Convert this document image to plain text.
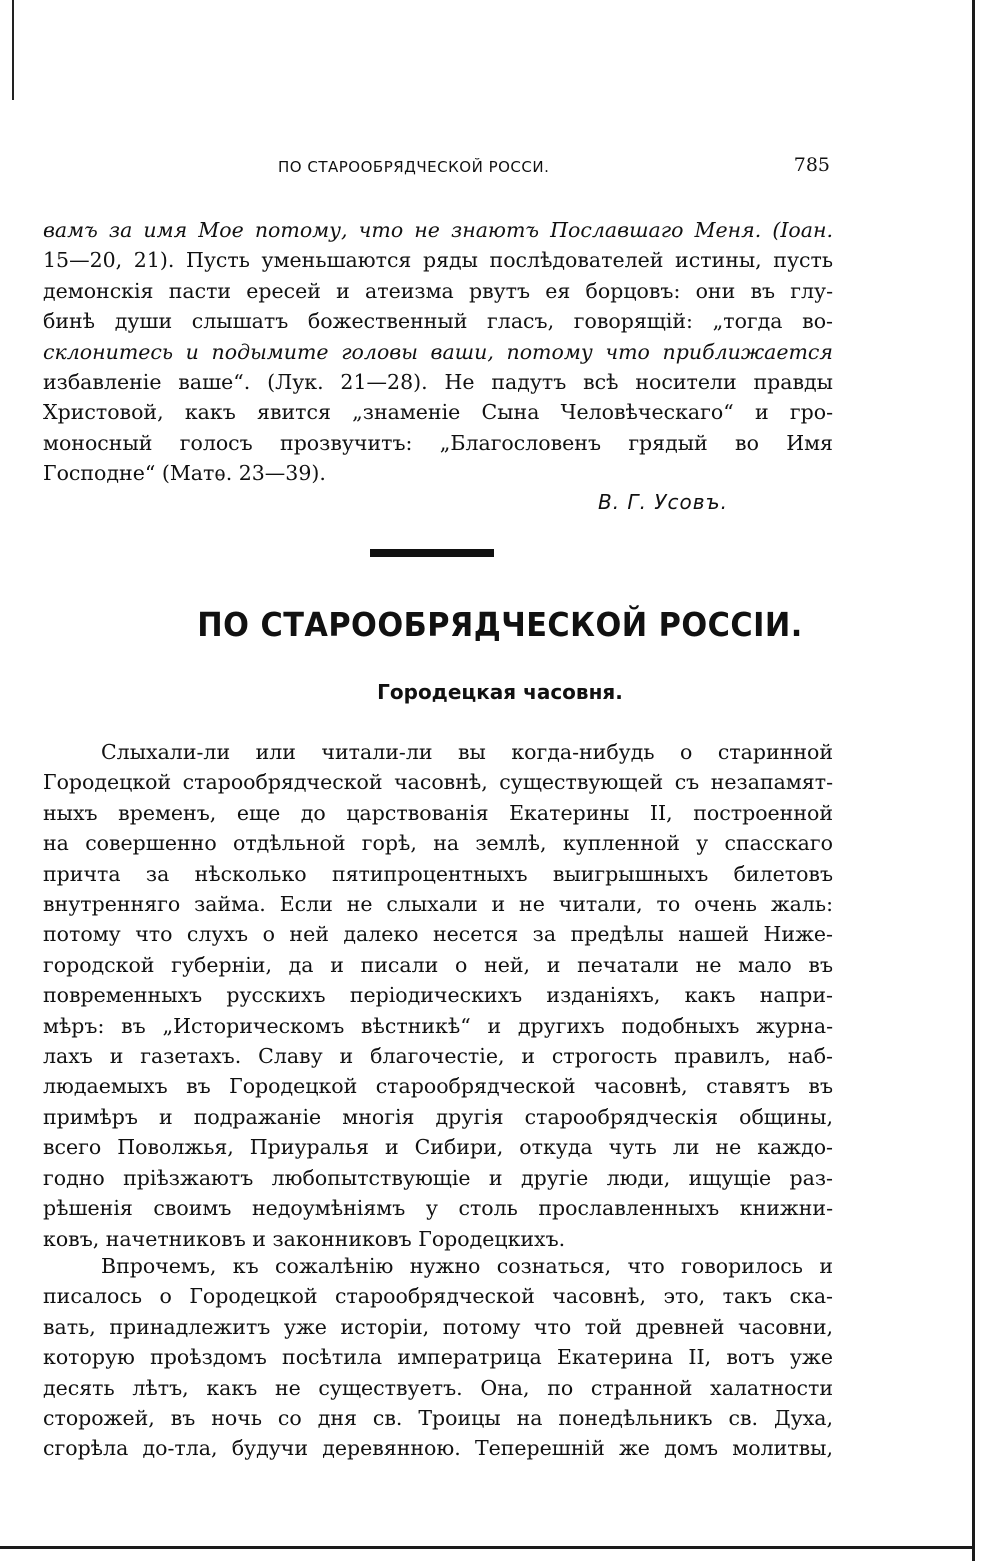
ПО СТАРООБРЯДЧЕСКОЙ РОССИ.	785
вамъ за имя Мое потому, что не знаютъ Пославшаго Меня. (Іоан.
15—20, 21). Пусть уменьшаются ряды послѣдователей истины, пусть
демонскія пасти ересей и атеизма рвутъ ея борцовъ: они въ глу-
бинѣ души слышатъ божественный гласъ, говорящій: „тогда во-
склонитесь и подымите головы ваши, потому что приближается
избавленіе ваше“. (Лук. 21—28). Не падутъ всѣ носители правды
Христовой, какъ явится „знаменіе Сына Человѣческаго“ и гро-
моносный голосъ прозвучитъ: „Благословенъ грядый во Имя
Господне“ (Матѳ. 23—39).
В. Г. Усовъ.
ПО СТАРООБРЯДЧЕСКОЙ РОССІИ.
Городецкая часовня.
Слыхали-ли или читали-ли вы когда-нибудь о старинной
Городецкой старообрядческой часовнѣ, существующей съ незапамят-
ныхъ временъ, еще до царствованія Екатерины II, построенной
на совершенно отдѣльной горѣ, на землѣ, купленной у спасскаго
причта за нѣсколько пятипроцентныхъ выигрышныхъ билетовъ
внутренняго займа. Если не слыхали и не читали, то очень жаль:
потому что слухъ о ней далеко несется за предѣлы нашей Ниже-
городской губерніи, да и писали о ней, и печатали не мало въ
повременныхъ русскихъ періодическихъ изданіяхъ, какъ напри-
мѣръ: въ „Историческомъ вѣстникѣ“ и другихъ подобныхъ журна-
лахъ и газетахъ. Славу и благочестіе, и строгость правилъ, наб-
людаемыхъ въ Городецкой старообрядческой часовнѣ, ставятъ въ
примѣръ и подражаніе многія другія старообрядческія общины,
всего Поволжья, Приуралья и Сибири, откуда чуть ли не каждо-
годно пріѣзжаютъ любопытствующіе и другіе люди, ищущіе раз-
рѣшенія своимъ недоумѣніямъ у столь прославленныхъ книжни-
ковъ, начетниковъ и законниковъ Городецкихъ.
Впрочемъ, къ сожалѣнію нужно сознаться, что говорилось и
писалось о Городецкой старообрядческой часовнѣ, это, такъ ска-
вать, принадлежитъ уже исторіи, потому что той древней часовни,
которую проѣздомъ посѣтила императрица Екатерина II, вотъ уже
десять лѣтъ, какъ не существуетъ. Она, по странной халатности
сторожей, въ ночь со дня св. Троицы на понедѣльникъ св. Духа,
сгорѣла до-тла, будучи деревянною. Теперешній же домъ молитвы,
